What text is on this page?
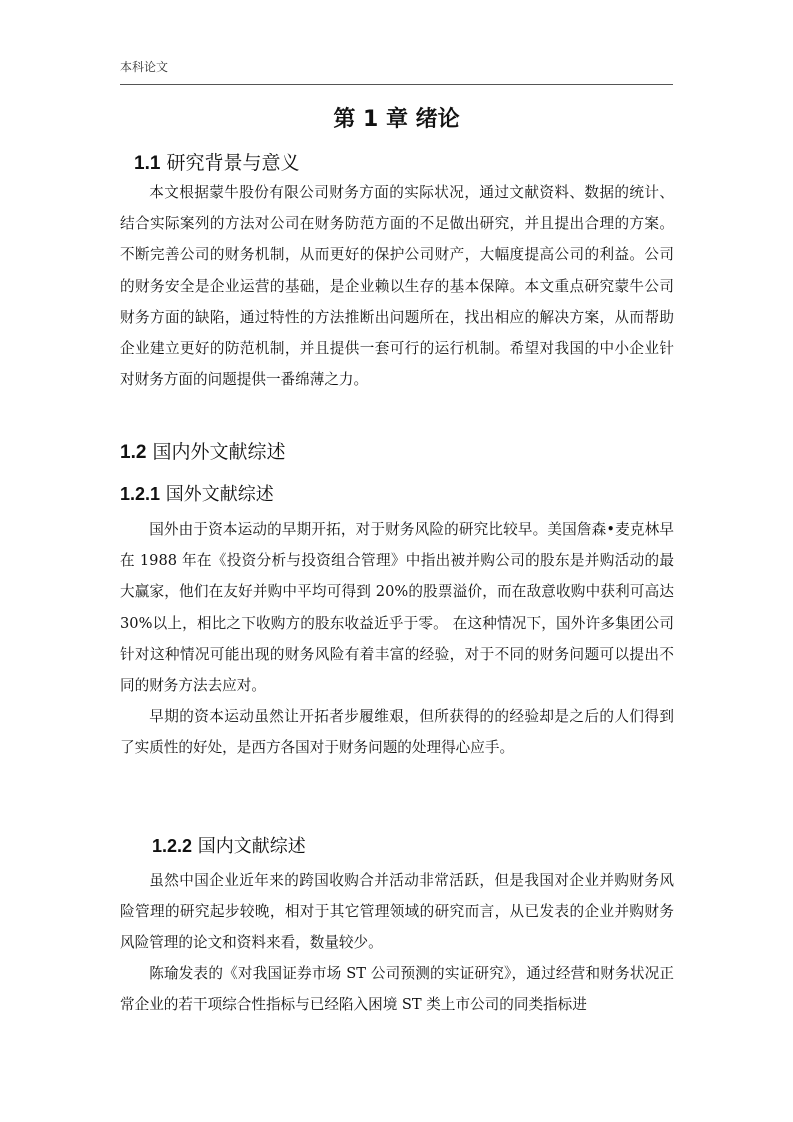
本科论文
第 1 章 绪论
1.1 研究背景与意义

本文根据蒙牛股份有限公司财务方面的实际状况，通过文献资料、数据的统计、结合实际案列的方法对公司在财务防范方面的不足做出研究，并且提出合理的方案。不断完善公司的财务机制，从而更好的保护公司财产，大幅度提高公司的利益。公司的财务安全是企业运营的基础，是企业赖以生存的基本保障。本文重点研究蒙牛公司财务方面的缺陷，通过特性的方法推断出问题所在，找出相应的解决方案，从而帮助企业建立更好的防范机制，并且提供一套可行的运行机制。希望对我国的中小企业针对财务方面的问题提供一番绵薄之力。

1.2 国内外文献综述
1.2.1 国外文献综述

国外由于资本运动的早期开拓，对于财务风险的研究比较早。美国詹森•麦克林早在 1988 年在《投资分析与投资组合管理》中指出被并购公司的股东是并购活动的最大赢家，他们在友好并购中平均可得到 20%的股票溢价，而在敌意收购中获利可高达 30%以上，相比之下收购方的股东收益近乎于零。 在这种情况下，国外许多集团公司针对这种情况可能出现的财务风险有着丰富的经验，对于不同的财务问题可以提出不同的财务方法去应对。

早期的资本运动虽然让开拓者步履维艰，但所获得的的经验却是之后的人们得到了实质性的好处，是西方各国对于财务问题的处理得心应手。

1.2.2 国内文献综述

虽然中国企业近年来的跨国收购合并活动非常活跃，但是我国对企业并购财务风险管理的研究起步较晚，相对于其它管理领域的研究而言，从已发表的企业并购财务风险管理的论文和资料来看，数量较少。

陈瑜发表的《对我国证券市场 ST 公司预测的实证研究》，通过经营和财务状况正常企业的若干项综合性指标与已经陷入困境 ST 类上市公司的同类指标进
